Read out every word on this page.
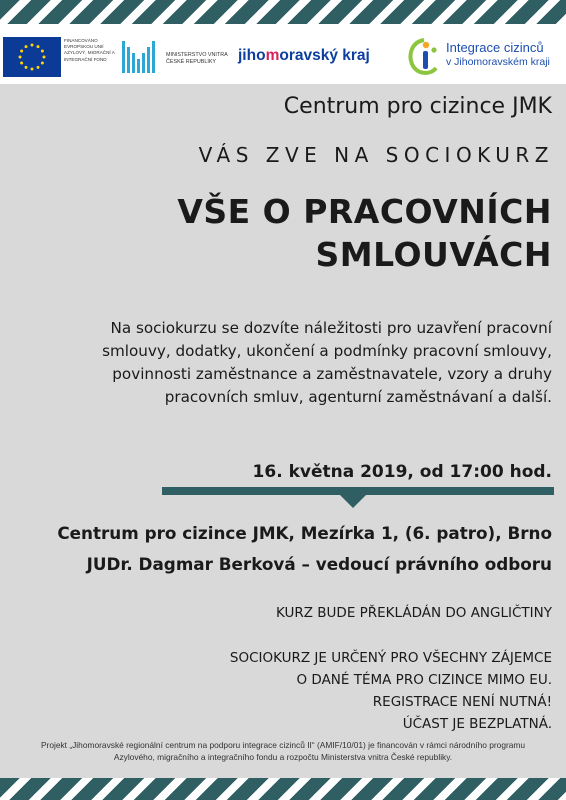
FINANCOVÁNO EVROPSKOU UNIÍ AZYLOVÝ, MIGRAČNÍ A INTEGRAČNÍ FOND
MINISTERSTVO VNITRA
ČESKÉ REPUBLIKY	jihomoravský kraj	Integrace cizinců
v Jihomoravském kraji
Centrum pro cizince JMK
VÁS ZVE NA SOCIOKURZ
VŠE O PRACOVNÍCH
SMLOUVÁCH
Na sociokurzu se dozvíte náležitosti pro uzavření pracovní
smlouvy, dodatky, ukončení a podmínky pracovní smlouvy,
povinnosti zaměstnance a zaměstnavatele, vzory a druhy
pracovních smluv, agenturní zaměstnávaní a další.
16. května 2019, od 17:00 hod.
Centrum pro cizince JMK, Mezírka 1, (6. patro), Brno
JUDr. Dagmar Berková – vedoucí právního odboru
KURZ BUDE PŘEKLÁDÁN DO ANGLIČTINY
SOCIOKURZ JE URČENÝ PRO VŠECHNY ZÁJEMCE
O DANÉ TÉMA PRO CIZINCE MIMO EU.
REGISTRACE NENÍ NUTNÁ!
ÚČAST JE BEZPLATNÁ.
Projekt „Jihomoravské regionální centrum na podporu integrace cizinců II“ (AMIF/10/01) je financován v rámci národního programu
Azylového, migračního a integračního fondu a rozpočtu Ministerstva vnitra České republiky.
